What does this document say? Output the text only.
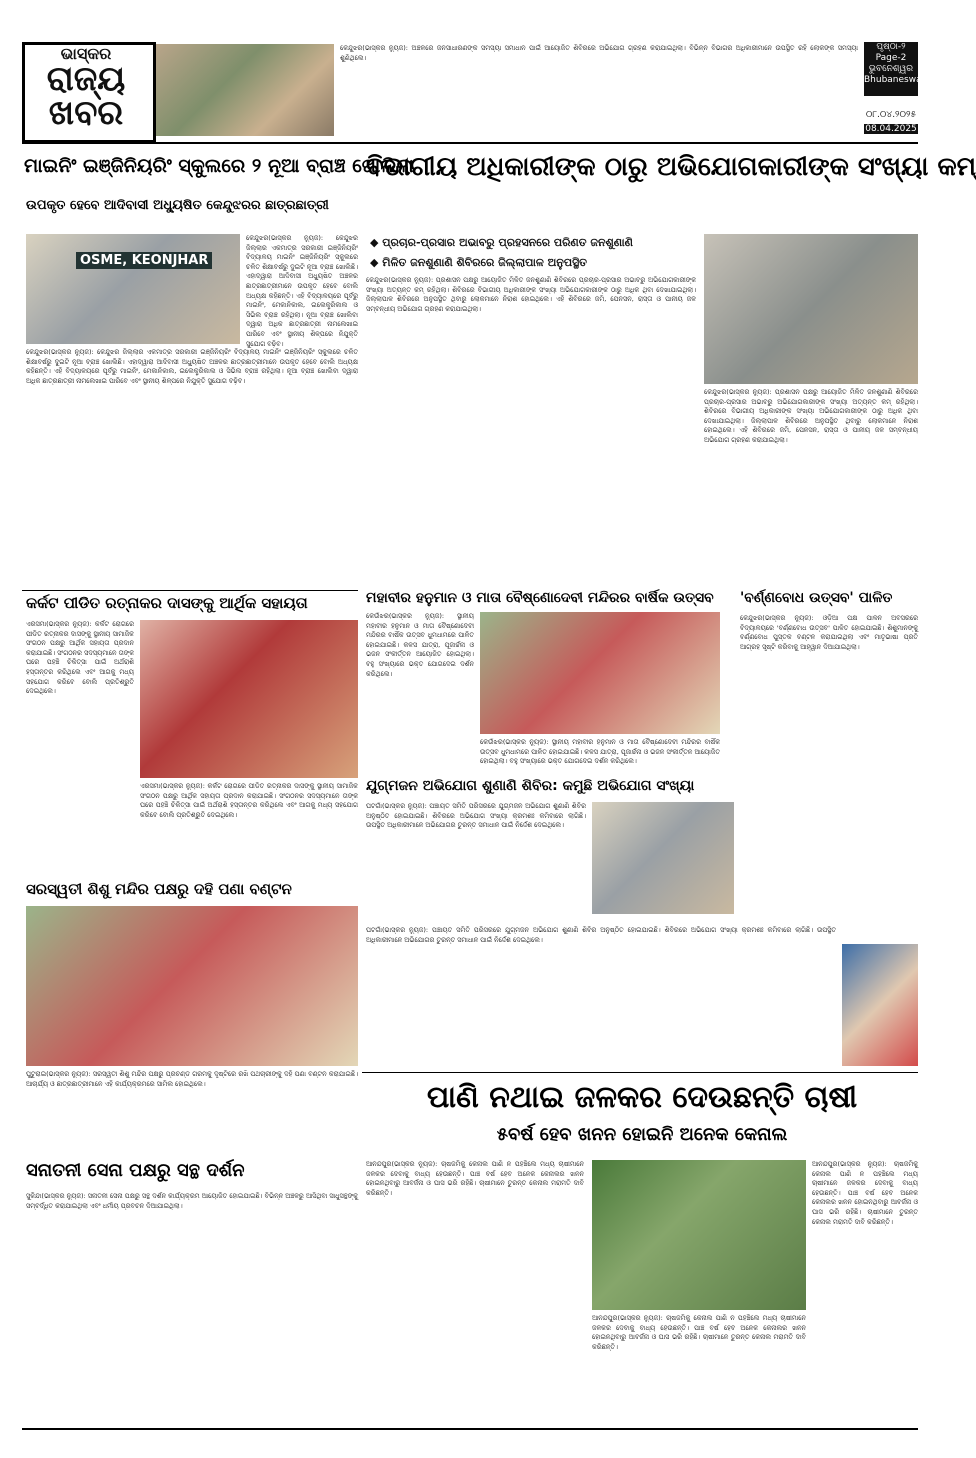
ଭାସ୍କର
ରାଜ୍ୟ ଖବର
କେନ୍ଦୁଝର(ଭାସ୍କର ନ୍ୟୁଜ): ଅଞ୍ଚଳରେ ଜନସାଧାରଣଙ୍କ ସମସ୍ୟା ସମାଧାନ ପାଇଁ ଆୟୋଜିତ ଶିବିରରେ ଅଭିଯୋଗ ଗ୍ରହଣ କରାଯାଇଥିଲା। ବିଭିନ୍ନ ବିଭାଗର ଅଧିକାରୀମାନେ ଉପସ୍ଥିତ ରହି ଲୋକଙ୍କ ସମସ୍ୟା ଶୁଣିଥିଲେ।
ପୃଷ୍ଠା-୨
Page-2
ଭୁବନେଶ୍ୱର
Bhubaneswar
୦୮.୦୪.୨୦୨୫
08.04.2025
ମାଇନିଂ ଇଞ୍ଜିନିୟରିଂ ସ୍କୁଲରେ ୨ ନୂଆ ବ୍ରାଞ୍ଚ ଖୋଲିଲା
ଉପକୃତ ହେବେ ଆଦିବାସୀ ଅଧ୍ୟୁଷିତ କେନ୍ଦୁଝରର ଛାତ୍ରଛାତ୍ରୀ
OSME, KEONJHAR
କେନ୍ଦୁଝର(ଭାସ୍କର ନ୍ୟୁଜ): କେନ୍ଦୁଝର ଜିଲ୍ଲାର ଏକମାତ୍ର ସରକାରୀ ଇଞ୍ଜିନିୟରିଂ ବିଦ୍ୟାଳୟ ମାଇନିଂ ଇଞ୍ଜିନିୟରିଂ ସ୍କୁଲରେ ଚଳିତ ଶିକ୍ଷାବର୍ଷରୁ ଦୁଇଟି ନୂଆ ବ୍ରାଞ୍ଚ ଖୋଲିଛି। ଏହାଦ୍ୱାରା ଆଦିବାସୀ ଅଧ୍ୟୁଷିତ ଅଞ୍ଚଳର ଛାତ୍ରଛାତ୍ରୀମାନେ ଉପକୃତ ହେବେ ବୋଲି ଅଧ୍ୟକ୍ଷ କହିଛନ୍ତି। ଏହି ବିଦ୍ୟାଳୟରେ ପୂର୍ବରୁ ମାଇନିଂ, ମେକାନିକାଲ, ଇଲେକ୍ଟ୍ରିକାଲ ଓ ସିଭିଲ ବ୍ରାଞ୍ଚ ରହିଥିଲା। ନୂଆ ବ୍ରାଞ୍ଚ ଖୋଲିବା ଦ୍ୱାରା ଅଧିକ ଛାତ୍ରଛାତ୍ରୀ ନାମଲେଖାଇ ପାରିବେ ଏବଂ ସ୍ଥାନୀୟ ଶିଳ୍ପରେ ନିଯୁକ୍ତି ସୁଯୋଗ ବଢ଼ିବ।
କେନ୍ଦୁଝର(ଭାସ୍କର ନ୍ୟୁଜ): କେନ୍ଦୁଝର ଜିଲ୍ଲାର ଏକମାତ୍ର ସରକାରୀ ଇଞ୍ଜିନିୟରିଂ ବିଦ୍ୟାଳୟ ମାଇନିଂ ଇଞ୍ଜିନିୟରିଂ ସ୍କୁଲରେ ଚଳିତ ଶିକ୍ଷାବର୍ଷରୁ ଦୁଇଟି ନୂଆ ବ୍ରାଞ୍ଚ ଖୋଲିଛି। ଏହାଦ୍ୱାରା ଆଦିବାସୀ ଅଧ୍ୟୁଷିତ ଅଞ୍ଚଳର ଛାତ୍ରଛାତ୍ରୀମାନେ ଉପକୃତ ହେବେ ବୋଲି ଅଧ୍ୟକ୍ଷ କହିଛନ୍ତି। ଏହି ବିଦ୍ୟାଳୟରେ ପୂର୍ବରୁ ମାଇନିଂ, ମେକାନିକାଲ, ଇଲେକ୍ଟ୍ରିକାଲ ଓ ସିଭିଲ ବ୍ରାଞ୍ଚ ରହିଥିଲା। ନୂଆ ବ୍ରାଞ୍ଚ ଖୋଲିବା ଦ୍ୱାରା ଅଧିକ ଛାତ୍ରଛାତ୍ରୀ ନାମଲେଖାଇ ପାରିବେ ଏବଂ ସ୍ଥାନୀୟ ଶିଳ୍ପରେ ନିଯୁକ୍ତି ସୁଯୋଗ ବଢ଼ିବ।
ବିଭାଗୀୟ ଅଧିକାରୀଙ୍କ ଠାରୁ ଅଭିଯୋଗକାରୀଙ୍କ ସଂଖ୍ୟା କମ୍
◆ ପ୍ରଚାର-ପ୍ରସାର ଅଭାବରୁ ପ୍ରହସନରେ ପରିଣତ ଜନଶୁଣାଣି
◆ ମିଳିତ ଜନଶୁଣାଣି ଶିବିରରେ ଜିଲ୍ଲାପାଳ ଅନୁପସ୍ଥିତ
କେନ୍ଦୁଝର(ଭାସ୍କର ନ୍ୟୁଜ): ପ୍ରଶାସନ ପକ୍ଷରୁ ଆୟୋଜିତ ମିଳିତ ଜନଶୁଣାଣି ଶିବିରରେ ପ୍ରଚାର-ପ୍ରସାର ଅଭାବରୁ ଅଭିଯୋଗକାରୀଙ୍କ ସଂଖ୍ୟା ଅତ୍ୟନ୍ତ କମ୍ ରହିଥିଲା। ଶିବିରରେ ବିଭାଗୀୟ ଅଧିକାରୀଙ୍କ ସଂଖ୍ୟା ଅଭିଯୋଗକାରୀଙ୍କ ଠାରୁ ଅଧିକ ଥିବା ଦେଖାଯାଇଥିଲା। ଜିଲ୍ଲାପାଳ ଶିବିରରେ ଅନୁପସ୍ଥିତ ଥିବାରୁ ଲୋକମାନେ ନିରାଶ ହୋଇଥିଲେ। ଏହି ଶିବିରରେ ଜମି, ପେନସନ, ରାସ୍ତା ଓ ପାନୀୟ ଜଳ ସମ୍ବନ୍ଧୀୟ ଅଭିଯୋଗ ଗ୍ରହଣ କରାଯାଇଥିଲା।
କେନ୍ଦୁଝର(ଭାସ୍କର ନ୍ୟୁଜ): ପ୍ରଶାସନ ପକ୍ଷରୁ ଆୟୋଜିତ ମିଳିତ ଜନଶୁଣାଣି ଶିବିରରେ ପ୍ରଚାର-ପ୍ରସାର ଅଭାବରୁ ଅଭିଯୋଗକାରୀଙ୍କ ସଂଖ୍ୟା ଅତ୍ୟନ୍ତ କମ୍ ରହିଥିଲା। ଶିବିରରେ ବିଭାଗୀୟ ଅଧିକାରୀଙ୍କ ସଂଖ୍ୟା ଅଭିଯୋଗକାରୀଙ୍କ ଠାରୁ ଅଧିକ ଥିବା ଦେଖାଯାଇଥିଲା। ଜିଲ୍ଲାପାଳ ଶିବିରରେ ଅନୁପସ୍ଥିତ ଥିବାରୁ ଲୋକମାନେ ନିରାଶ ହୋଇଥିଲେ। ଏହି ଶିବିରରେ ଜମି, ପେନସନ, ରାସ୍ତା ଓ ପାନୀୟ ଜଳ ସମ୍ବନ୍ଧୀୟ ଅଭିଯୋଗ ଗ୍ରହଣ କରାଯାଇଥିଲା।
କର୍କଟ ପୀଡିତ ରତ୍ନାକର ଦାସଙ୍କୁ ଆର୍ଥିକ ସହାୟତା
ଏରସମା(ଭାସ୍କର ନ୍ୟୁଜ): କର୍କଟ ରୋଗରେ ପୀଡିତ ରତ୍ନାକର ଦାସଙ୍କୁ ସ୍ଥାନୀୟ ସାମାଜିକ ସଂଗଠନ ପକ୍ଷରୁ ଆର୍ଥିକ ସହାୟତା ପ୍ରଦାନ କରାଯାଇଛି। ସଂଗଠନର ସଦସ୍ୟମାନେ ତାଙ୍କ ଘରେ ପହଞ୍ଚି ଚିକିତ୍ସା ପାଇଁ ଅର୍ଥରାଶି ହସ୍ତାନ୍ତର କରିଥିଲେ ଏବଂ ଆଗକୁ ମଧ୍ୟ ସହଯୋଗ କରିବେ ବୋଲି ପ୍ରତିଶ୍ରୁତି ଦେଇଥିଲେ।
ଏରସମା(ଭାସ୍କର ନ୍ୟୁଜ): କର୍କଟ ରୋଗରେ ପୀଡିତ ରତ୍ନାକର ଦାସଙ୍କୁ ସ୍ଥାନୀୟ ସାମାଜିକ ସଂଗଠନ ପକ୍ଷରୁ ଆର୍ଥିକ ସହାୟତା ପ୍ରଦାନ କରାଯାଇଛି। ସଂଗଠନର ସଦସ୍ୟମାନେ ତାଙ୍କ ଘରେ ପହଞ୍ଚି ଚିକିତ୍ସା ପାଇଁ ଅର୍ଥରାଶି ହସ୍ତାନ୍ତର କରିଥିଲେ ଏବଂ ଆଗକୁ ମଧ୍ୟ ସହଯୋଗ କରିବେ ବୋଲି ପ୍ରତିଶ୍ରୁତି ଦେଇଥିଲେ।
ମହାବୀର ହନୁମାନ ଓ ମାତା ବୈଷ୍ଣୋଦେବୀ ମନ୍ଦିରର ବାର୍ଷିକ ଉତ୍ସବ
କେଉଁଝର(ଭାସ୍କର ନ୍ୟୁଜ): ସ୍ଥାନୀୟ ମହାବୀର ହନୁମାନ ଓ ମାତା ବୈଷ୍ଣୋଦେବୀ ମନ୍ଦିରର ବାର୍ଷିକ ଉତ୍ସବ ଧୁମଧାମରେ ପାଳିତ ହୋଇଯାଇଛି। କଳସ ଯାତ୍ରା, ପୂଜାର୍ଚ୍ଚନା ଓ ଭଜନ ସଂକୀର୍ତ୍ତନ ଆୟୋଜିତ ହୋଇଥିଲା। ବହୁ ସଂଖ୍ୟାରେ ଭକ୍ତ ଯୋଗଦେଇ ଦର୍ଶନ କରିଥିଲେ।
କେଉଁଝର(ଭାସ୍କର ନ୍ୟୁଜ): ସ୍ଥାନୀୟ ମହାବୀର ହନୁମାନ ଓ ମାତା ବୈଷ୍ଣୋଦେବୀ ମନ୍ଦିରର ବାର୍ଷିକ ଉତ୍ସବ ଧୁମଧାମରେ ପାଳିତ ହୋଇଯାଇଛି। କଳସ ଯାତ୍ରା, ପୂଜାର୍ଚ୍ଚନା ଓ ଭଜନ ସଂକୀର୍ତ୍ତନ ଆୟୋଜିତ ହୋଇଥିଲା। ବହୁ ସଂଖ୍ୟାରେ ଭକ୍ତ ଯୋଗଦେଇ ଦର୍ଶନ କରିଥିଲେ।
'ବର୍ଣ୍ଣବୋଧ ଉତ୍ସବ' ପାଳିତ
କେନ୍ଦୁଝର(ଭାସ୍କର ନ୍ୟୁଜ): ଓଡ଼ିଆ ପକ୍ଷ ପାଳନ ଅବସରରେ ବିଦ୍ୟାଳୟରେ 'ବର୍ଣ୍ଣବୋଧ ଉତ୍ସବ' ପାଳିତ ହୋଇଯାଇଛି। ଶିଶୁମାନଙ୍କୁ ବର୍ଣ୍ଣବୋଧ ପୁସ୍ତକ ବଣ୍ଟନ କରାଯାଇଥିଲା ଏବଂ ମାତୃଭାଷା ପ୍ରତି ଆଗ୍ରହ ସୃଷ୍ଟି କରିବାକୁ ଆହ୍ୱାନ ଦିଆଯାଇଥିଲା।
ଯୁଗ୍ମଜନ ଅଭିଯୋଗ ଶୁଣାଣି ଶିବିର: କମୁଛି ଅଭିଯୋଗ ସଂଖ୍ୟା
ଘଟଗାଁ(ଭାସ୍କର ନ୍ୟୁଜ): ପଞ୍ଚାୟତ ସମିତି ପରିସରରେ ଯୁଗ୍ମଜନ ଅଭିଯୋଗ ଶୁଣାଣି ଶିବିର ଅନୁଷ୍ଠିତ ହୋଇଯାଇଛି। ଶିବିରରେ ଅଭିଯୋଗ ସଂଖ୍ୟା କ୍ରମଶଃ କମିବାରେ ଲାଗିଛି। ଉପସ୍ଥିତ ଅଧିକାରୀମାନେ ଅଭିଯୋଗର ତୁରନ୍ତ ସମାଧାନ ପାଇଁ ନିର୍ଦ୍ଦେଶ ଦେଇଥିଲେ।
ଘଟଗାଁ(ଭାସ୍କର ନ୍ୟୁଜ): ପଞ୍ଚାୟତ ସମିତି ପରିସରରେ ଯୁଗ୍ମଜନ ଅଭିଯୋଗ ଶୁଣାଣି ଶିବିର ଅନୁଷ୍ଠିତ ହୋଇଯାଇଛି। ଶିବିରରେ ଅଭିଯୋଗ ସଂଖ୍ୟା କ୍ରମଶଃ କମିବାରେ ଲାଗିଛି। ଉପସ୍ଥିତ ଅଧିକାରୀମାନେ ଅଭିଯୋଗର ତୁରନ୍ତ ସମାଧାନ ପାଇଁ ନିର୍ଦ୍ଦେଶ ଦେଇଥିଲେ।
ସରସ୍ୱତୀ ଶିଶୁ ମନ୍ଦିର ପକ୍ଷରୁ ଦହି ପଣା ବଣ୍ଟନ
ଘୁଟୁରାଇ(ଭାସ୍କର ନ୍ୟୁଜ): ସରସ୍ୱତୀ ଶିଶୁ ମନ୍ଦିର ପକ୍ଷରୁ ପ୍ରଚଣ୍ଡ ଗରମକୁ ଦୃଷ୍ଟିରେ ରଖି ପଥଚାରୀଙ୍କୁ ଦହି ପଣା ବଣ୍ଟନ କରାଯାଇଛି। ଆଚାର୍ଯ୍ୟ ଓ ଛାତ୍ରଛାତ୍ରୀମାନେ ଏହି କାର୍ଯ୍ୟକ୍ରମରେ ସାମିଲ ହୋଇଥିଲେ।
ସନାତନୀ ସେନା ପକ୍ଷରୁ ସନ୍ଥ ଦର୍ଶନ
ସୁକିନ୍ଦା(ଭାସ୍କର ନ୍ୟୁଜ): ସନାତନୀ ସେନା ପକ୍ଷରୁ ସନ୍ଥ ଦର୍ଶନ କାର୍ଯ୍ୟକ୍ରମ ଆୟୋଜିତ ହୋଇଯାଇଛି। ବିଭିନ୍ନ ଅଞ୍ଚଳରୁ ଆସିଥିବା ସାଧୁସନ୍ଥଙ୍କୁ ସମ୍ବର୍ଦ୍ଧିତ କରାଯାଇଥିଲା ଏବଂ ଧର୍ମୀୟ ପ୍ରବଚନ ଦିଆଯାଇଥିଲା।
ପାଣି ନଥାଇ ଜଳକର ଦେଉଛନ୍ତି ଚାଷୀ
୫ବର୍ଷ ହେବ ଖନନ ହୋଇନି ଅନେକ କେନାଲ
ଆନନ୍ଦପୁର(ଭାସ୍କର ନ୍ୟୁଜ): ଚାଷଜମିକୁ କେନାଲ ପାଣି ନ ପହଞ୍ଚିଲେ ମଧ୍ୟ ଚାଷୀମାନେ ଜଳକର ଦେବାକୁ ବାଧ୍ୟ ହେଉଛନ୍ତି। ପାଞ୍ଚ ବର୍ଷ ହେବ ଅନେକ କେନାଲର ଖନନ ହୋଇନଥିବାରୁ ଆବର୍ଜନା ଓ ଘାସ ଭରି ରହିଛି। ଚାଷୀମାନେ ତୁରନ୍ତ କେନାଲ ମରାମତି ଦାବି କରିଛନ୍ତି।
ଆନନ୍ଦପୁର(ଭାସ୍କର ନ୍ୟୁଜ): ଚାଷଜମିକୁ କେନାଲ ପାଣି ନ ପହଞ୍ଚିଲେ ମଧ୍ୟ ଚାଷୀମାନେ ଜଳକର ଦେବାକୁ ବାଧ୍ୟ ହେଉଛନ୍ତି। ପାଞ୍ଚ ବର୍ଷ ହେବ ଅନେକ କେନାଲର ଖନନ ହୋଇନଥିବାରୁ ଆବର୍ଜନା ଓ ଘାସ ଭରି ରହିଛି। ଚାଷୀମାନେ ତୁରନ୍ତ କେନାଲ ମରାମତି ଦାବି କରିଛନ୍ତି।
ଆନନ୍ଦପୁର(ଭାସ୍କର ନ୍ୟୁଜ): ଚାଷଜମିକୁ କେନାଲ ପାଣି ନ ପହଞ୍ଚିଲେ ମଧ୍ୟ ଚାଷୀମାନେ ଜଳକର ଦେବାକୁ ବାଧ୍ୟ ହେଉଛନ୍ତି। ପାଞ୍ଚ ବର୍ଷ ହେବ ଅନେକ କେନାଲର ଖନନ ହୋଇନଥିବାରୁ ଆବର୍ଜନା ଓ ଘାସ ଭରି ରହିଛି। ଚାଷୀମାନେ ତୁରନ୍ତ କେନାଲ ମରାମତି ଦାବି କରିଛନ୍ତି।
